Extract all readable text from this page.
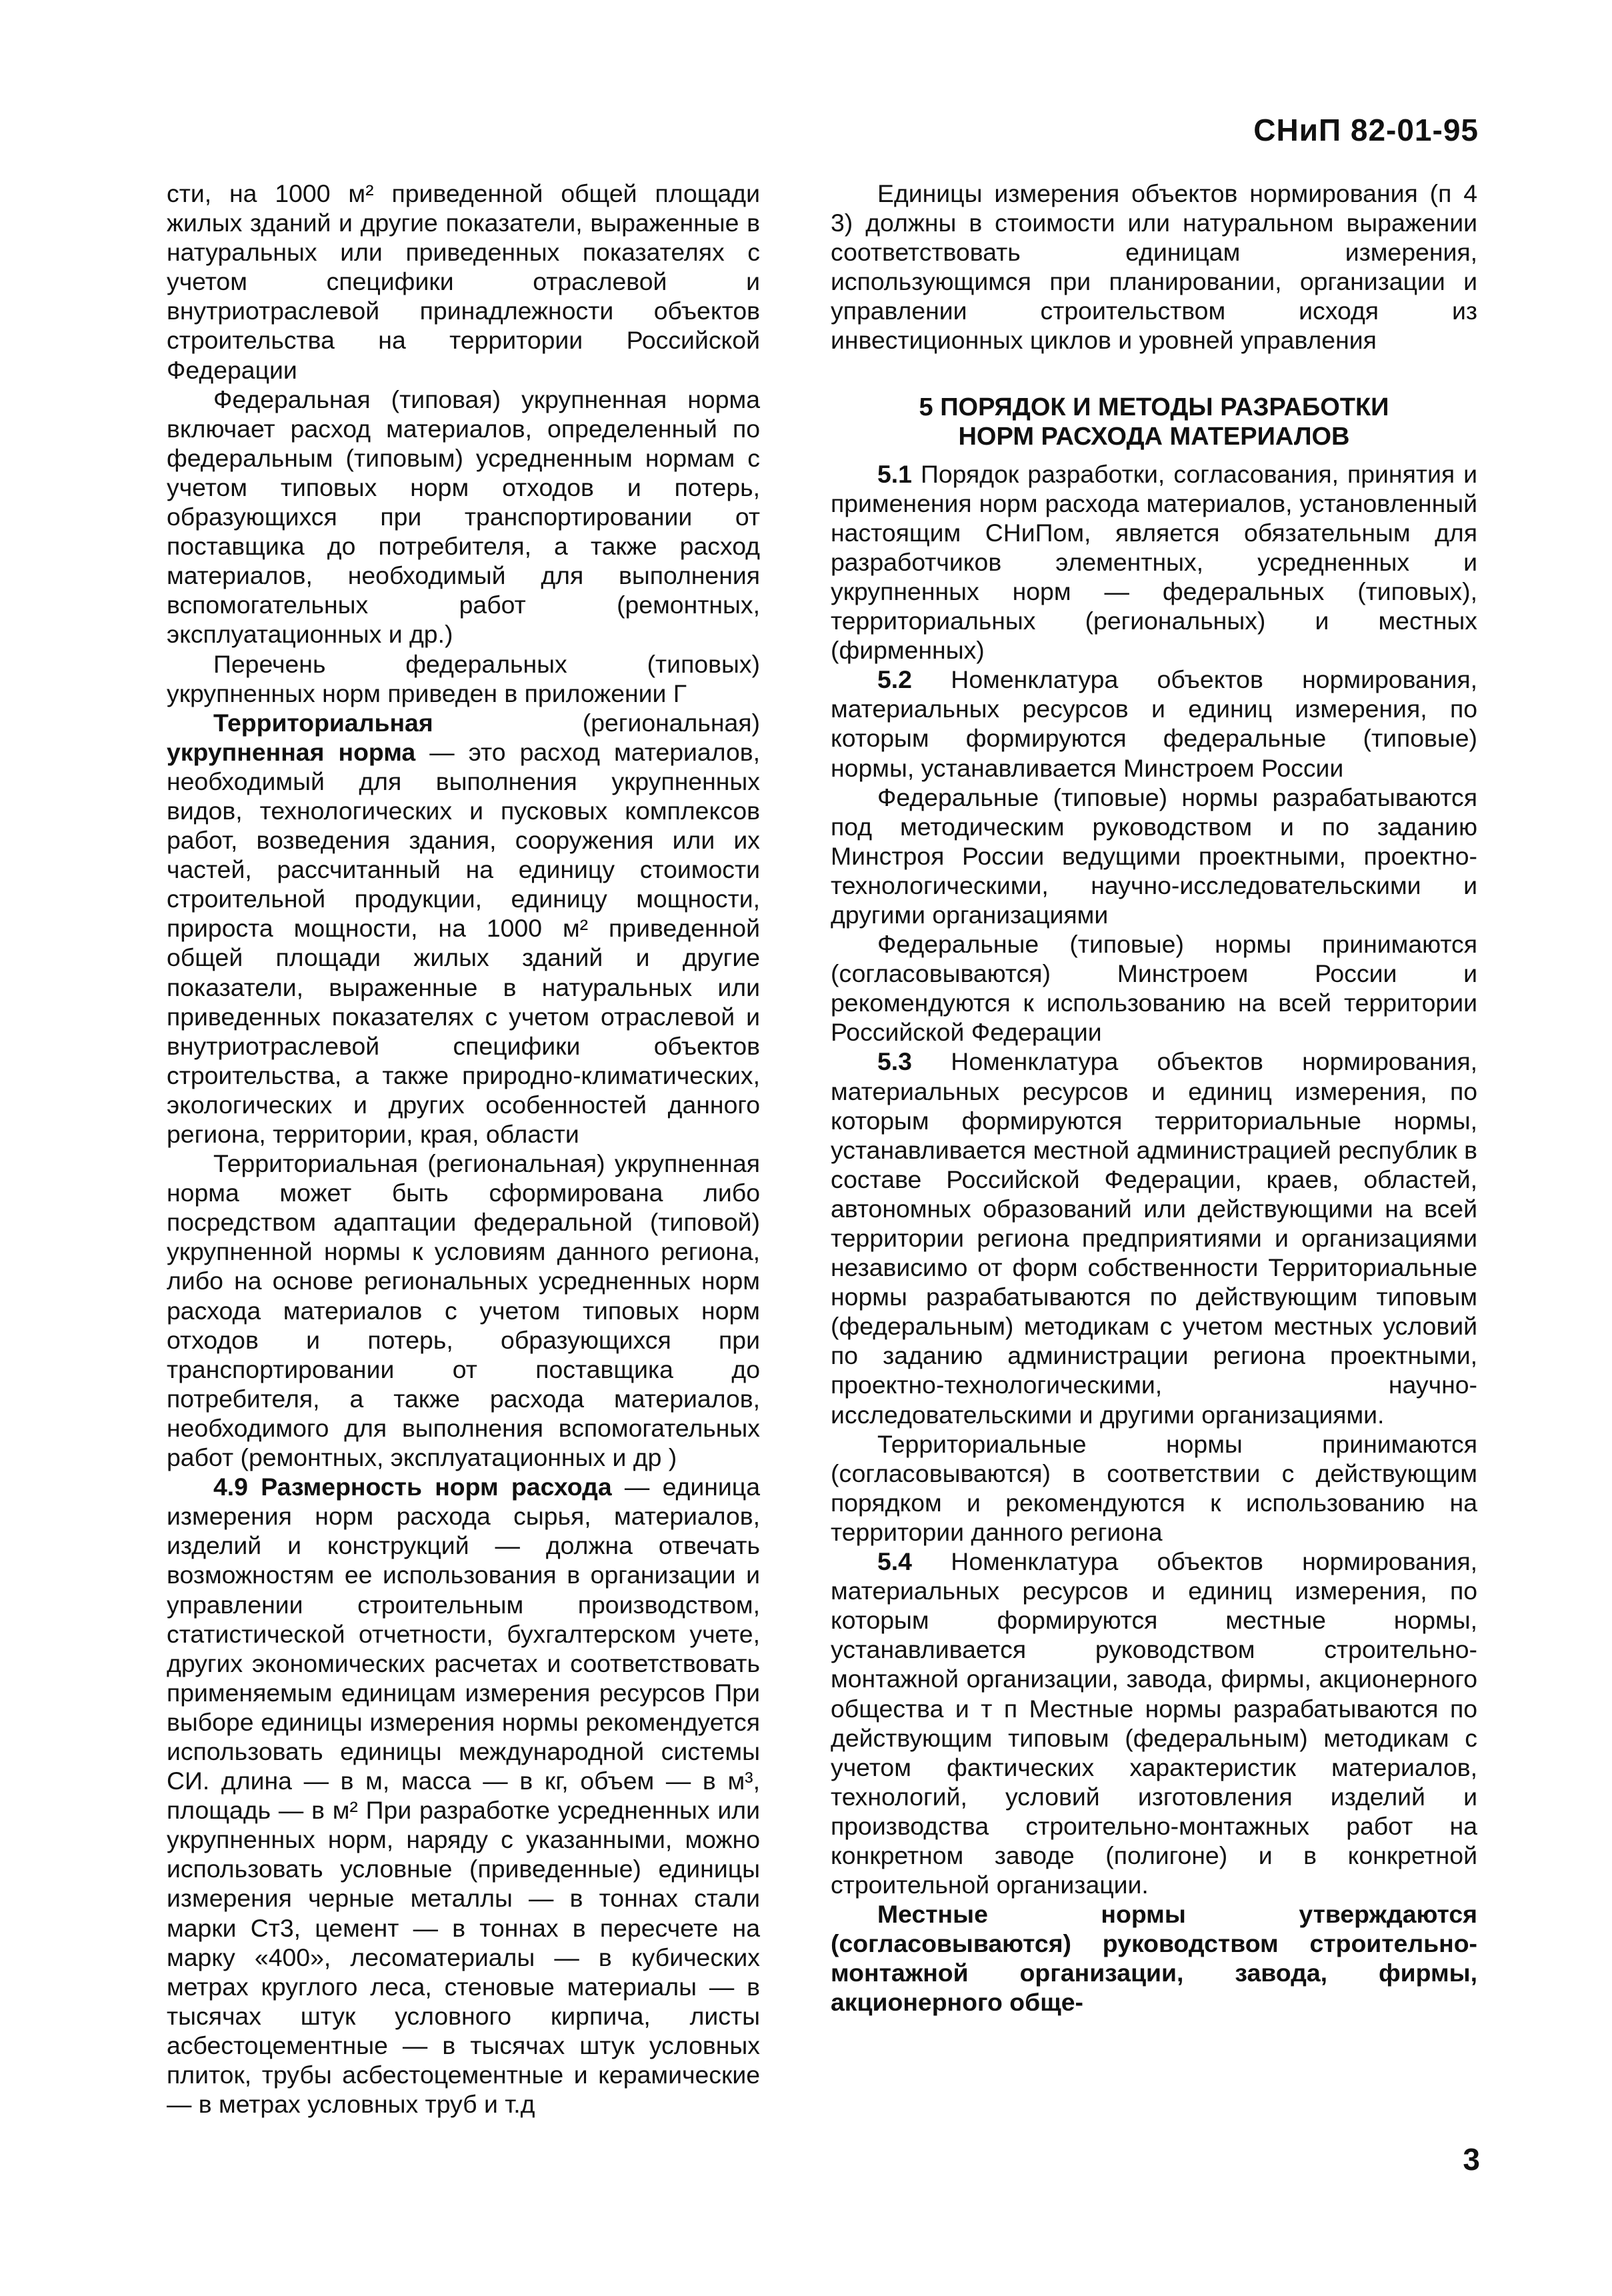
СНиП 82-01-95

сти, на 1000 м² приведенной общей площади жилых зданий и другие показатели, выраженные в натуральных или приведенных показателях с учетом специфики отраслевой и внутриотраслевой принадлежности объектов строительства на территории Российской Федерации

Федеральная (типовая) укрупненная норма включает расход материалов, определенный по федеральным (типовым) усредненным нормам с учетом типовых норм отходов и потерь, образующихся при транспортировании от поставщика до потребителя, а также расход материалов, необходимый для выполнения вспомогательных работ (ремонтных, эксплуатационных и др.)

Перечень федеральных (типовых) укрупненных норм приведен в приложении Г

Территориальная (региональная) укрупненная норма — это расход материалов, необходимый для выполнения укрупненных видов, технологических и пусковых комплексов работ, возведения здания, сооружения или их частей, рассчитанный на единицу стоимости строительной продукции, единицу мощности, прироста мощности, на 1000 м² приведенной общей площади жилых зданий и другие показатели, выраженные в натуральных или приведенных показателях с учетом отраслевой и внутриотраслевой специфики объектов строительства, а также природно-климатических, экологических и других особенностей данного региона, территории, края, области

Территориальная (региональная) укрупненная норма может быть сформирована либо посредством адаптации федеральной (типовой) укрупненной нормы к условиям данного региона, либо на основе региональных усредненных норм расхода материалов с учетом типовых норм отходов и потерь, образующихся при транспортировании от поставщика до потребителя, а также расхода материалов, необходимого для выполнения вспомогательных работ (ремонтных, эксплуатационных и др )

4.9 Размерность норм расхода — единица измерения норм расхода сырья, материалов, изделий и конструкций — должна отвечать возможностям ее использования в организации и управлении строительным производством, статистической отчетности, бухгалтерском учете, других экономических расчетах и соответствовать применяемым единицам измерения ресурсов При выборе единицы измерения нормы рекомендуется использовать единицы международной системы СИ. длина — в м, масса — в кг, объем — в м³, площадь — в м² При разработке усредненных или укрупненных норм, наряду с указанными, можно использовать условные (приведенные) единицы измерения черные металлы — в тоннах стали марки Ст3, цемент — в тоннах в пересчете на марку «400», лесоматериалы — в кубических метрах круглого леса, стеновые материалы — в тысячах штук условного кирпича, листы асбестоцементные — в тысячах штук условных плиток, трубы асбестоцементные и керамические — в метрах условных труб и т.д

Единицы измерения объектов нормирования (п 4 3) должны в стоимости или натуральном выражении соответствовать единицам измерения, использующимся при планировании, организации и управлении строительством исходя из инвестиционных циклов и уровней управления

5 ПОРЯДОК И МЕТОДЫ РАЗРАБОТКИ
НОРМ РАСХОДА МАТЕРИАЛОВ

5.1 Порядок разработки, согласования, принятия и применения норм расхода материалов, установленный настоящим СНиПом, является обязательным для разработчиков элементных, усредненных и укрупненных норм — федеральных (типовых), территориальных (региональных) и местных (фирменных)

5.2 Номенклатура объектов нормирования, материальных ресурсов и единиц измерения, по которым формируются федеральные (типовые) нормы, устанавливается Минстроем России

Федеральные (типовые) нормы разрабатываются под методическим руководством и по заданию Минстроя России ведущими проектными, проектно-технологическими, научно-исследовательскими и другими организациями

Федеральные (типовые) нормы принимаются (согласовываются) Минстроем России и рекомендуются к использованию на всей территории Российской Федерации

5.3 Номенклатура объектов нормирования, материальных ресурсов и единиц измерения, по которым формируются территориальные нормы, устанавливается местной администрацией республик в составе Российской Федерации, краев, областей, автономных образований или действующими на всей территории региона предприятиями и организациями независимо от форм собственности Территориальные нормы разрабатываются по действующим типовым (федеральным) методикам с учетом местных условий по заданию администрации региона проектными, проектно-технологическими, научно-исследовательскими и другими организациями.

Территориальные нормы принимаются (согласовываются) в соответствии с действующим порядком и рекомендуются к использованию на территории данного региона

5.4 Номенклатура объектов нормирования, материальных ресурсов и единиц измерения, по которым формируются местные нормы, устанавливается руководством строительно-монтажной организации, завода, фирмы, акционерного общества и т п Местные нормы разрабатываются по действующим типовым (федеральным) методикам с учетом фактических характеристик материалов, технологий, условий изготовления изделий и производства строительно-монтажных работ на конкретном заводе (полигоне) и в конкретной строительной организации.

Местные нормы утверждаются (согласовываются) руководством строительно-монтажной организации, завода, фирмы, акционерного обще-

3
